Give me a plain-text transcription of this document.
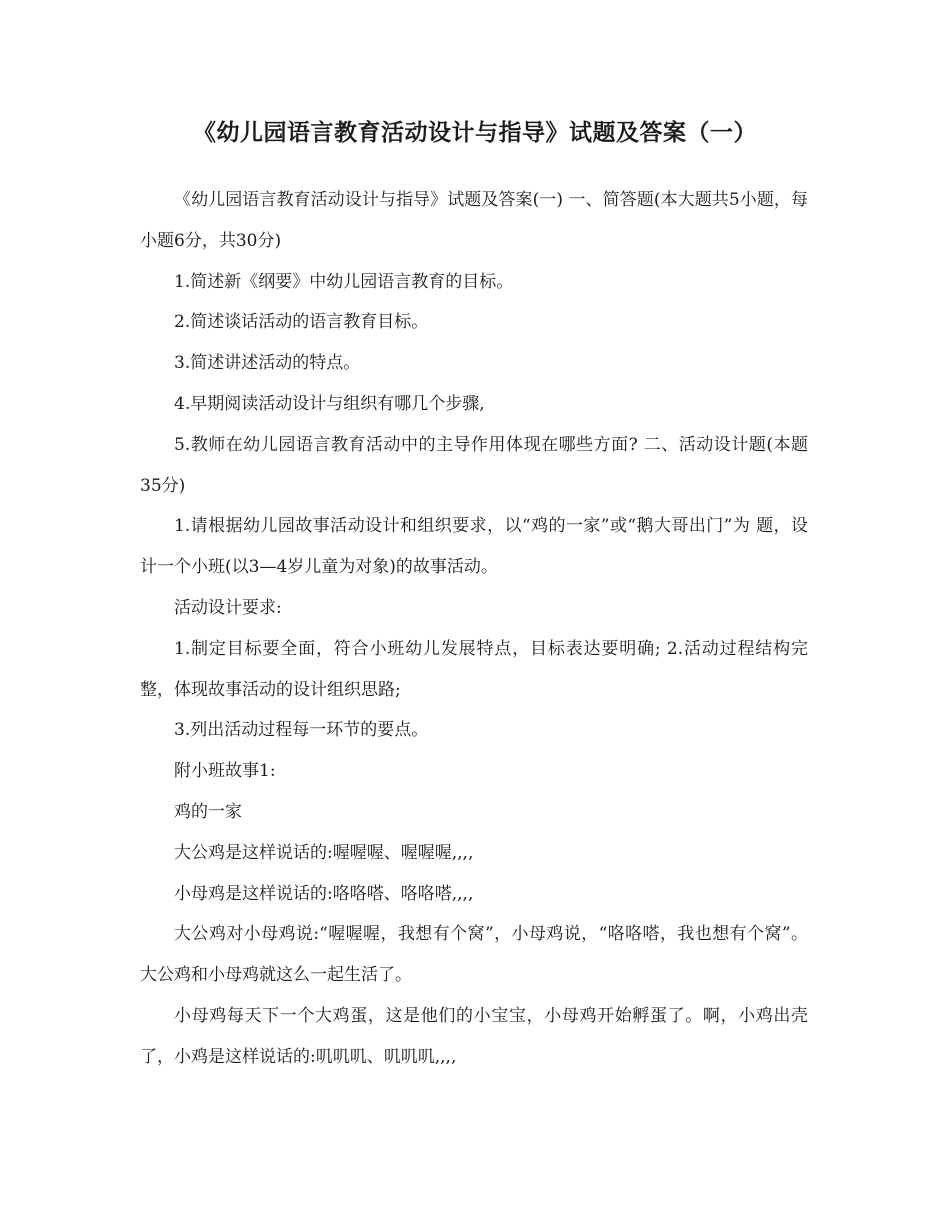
《幼儿园语言教育活动设计与指导》试题及答案（一）

《幼儿园语言教育活动设计与指导》试题及答案(一) 一、简答题(本大题共5小题，每小题6分，共30分)

1.简述新《纲要》中幼儿园语言教育的目标。

2.简述谈话活动的语言教育目标。

3.简述讲述活动的特点。

4.早期阅读活动设计与组织有哪几个步骤,

5.教师在幼儿园语言教育活动中的主导作用体现在哪些方面? 二、活动设计题(本题35分)

1.请根据幼儿园故事活动设计和组织要求，以“鸡的一家”或“鹅大哥出门”为 题，设计一个小班(以3—4岁儿童为对象)的故事活动。

活动设计要求:

1.制定目标要全面，符合小班幼儿发展特点，目标表达要明确; 2.活动过程结构完整，体现故事活动的设计组织思路;

3.列出活动过程每一环节的要点。

附小班故事1:

鸡的一家

大公鸡是这样说话的:喔喔喔、喔喔喔,,,,

小母鸡是这样说话的:咯咯嗒、咯咯嗒,,,,

大公鸡对小母鸡说:“喔喔喔，我想有个窝”，小母鸡说，“咯咯嗒，我也想有个窝”。大公鸡和小母鸡就这么一起生活了。

小母鸡每天下一个大鸡蛋，这是他们的小宝宝，小母鸡开始孵蛋了。啊，小鸡出壳了，小鸡是这样说话的:叽叽叽、叽叽叽,,,,
